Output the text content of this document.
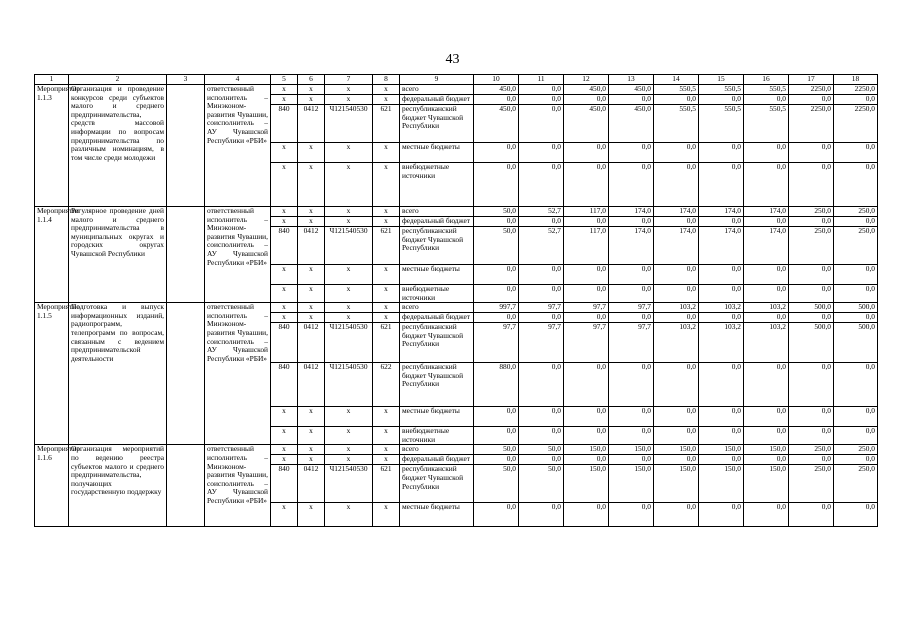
43
1	2	3	4	5	6	7	8	9	10	11	12	13	14	15	16	17	18
Мероприятие 1.1.3	Организация и проведение конкурсов среди субъектов малого и среднего предпринимательства, средств массовой информации по вопросам предпринимательства по различным номинациям, в том числе среди молодежи		ответственный исполнитель – Минэконом-развития Чувашии, соисполнитель – АУ Чувашской Республики «РБИ»	x	x	x	x	всего	450,0	0,0	450,0	450,0	550,5	550,5	550,5	2250,0	2250,0
				x	x	x	x	федеральный бюджет	0,0	0,0	0,0	0,0	0,0	0,0	0,0	0,0	0,0
				840	0412	Ч121540530	621	республиканский бюджет Чувашской Республики	450,0	0,0	450,0	450,0	550,5	550,5	550,5	2250,0	2250,0
				x	x	x	x	местные бюджеты	0,0	0,0	0,0	0,0	0,0	0,0	0,0	0,0	0,0
				x	x	x	x	внебюджетные источники	0,0	0,0	0,0	0,0	0,0	0,0	0,0	0,0	0,0
Мероприятие 1.1.4	Регулярное проведение дней малого и среднего предпринимательства в муниципальных округах и городских округах Чувашской Республики		ответственный исполнитель – Минэконом-развития Чувашии, соисполнитель – АУ Чувашской Республики «РБИ»	x	x	x	x	всего	50,0	52,7	117,0	174,0	174,0	174,0	174,0	250,0	250,0
				x	x	x	x	федеральный бюджет	0,0	0,0	0,0	0,0	0,0	0,0	0,0	0,0	0,0
				840	0412	Ч121540530	621	республиканский бюджет Чувашской Республики	50,0	52,7	117,0	174,0	174,0	174,0	174,0	250,0	250,0
				x	x	x	x	местные бюджеты	0,0	0,0	0,0	0,0	0,0	0,0	0,0	0,0	0,0
				x	x	x	x	внебюджетные источники	0,0	0,0	0,0	0,0	0,0	0,0	0,0	0,0	0,0
Мероприятие 1.1.5	Подготовка и выпуск информационных изданий, радиопрограмм, телепрограмм по вопросам, связанным с ведением предпринимательской деятельности		ответственный исполнитель – Минэконом-развития Чувашии, соисполнитель – АУ Чувашской Республики «РБИ»	x	x	x	x	всего	997,7	97,7	97,7	97,7	103,2	103,2	103,2	500,0	500,0
				x	x	x	x	федеральный бюджет	0,0	0,0	0,0	0,0	0,0	0,0	0,0	0,0	0,0
				840	0412	Ч121540530	621	республиканский бюджет Чувашской Республики	97,7	97,7	97,7	97,7	103,2	103,2	103,2	500,0	500,0
				840	0412	Ч121540530	622	республиканский бюджет Чувашской Республики	880,0	0,0	0,0	0,0	0,0	0,0	0,0	0,0	0,0
				x	x	x	x	местные бюджеты	0,0	0,0	0,0	0,0	0,0	0,0	0,0	0,0	0,0
				x	x	x	x	внебюджетные источники	0,0	0,0	0,0	0,0	0,0	0,0	0,0	0,0	0,0
Мероприятие 1.1.6	Организация мероприятий по ведению реестра субъектов малого и среднего предпринимательства, получающих государственную поддержку		ответственный исполнитель – Минэконом-развития Чувашии, соисполнитель – АУ Чувашской Республики «РБИ»	x	x	x	x	всего	50,0	50,0	150,0	150,0	150,0	150,0	150,0	250,0	250,0
				x	x	x	x	федеральный бюджет	0,0	0,0	0,0	0,0	0,0	0,0	0,0	0,0	0,0
				840	0412	Ч121540530	621	республиканский бюджет Чувашской Республики	50,0	50,0	150,0	150,0	150,0	150,0	150,0	250,0	250,0
				x	x	x	x	местные бюджеты	0,0	0,0	0,0	0,0	0,0	0,0	0,0	0,0	0,0
